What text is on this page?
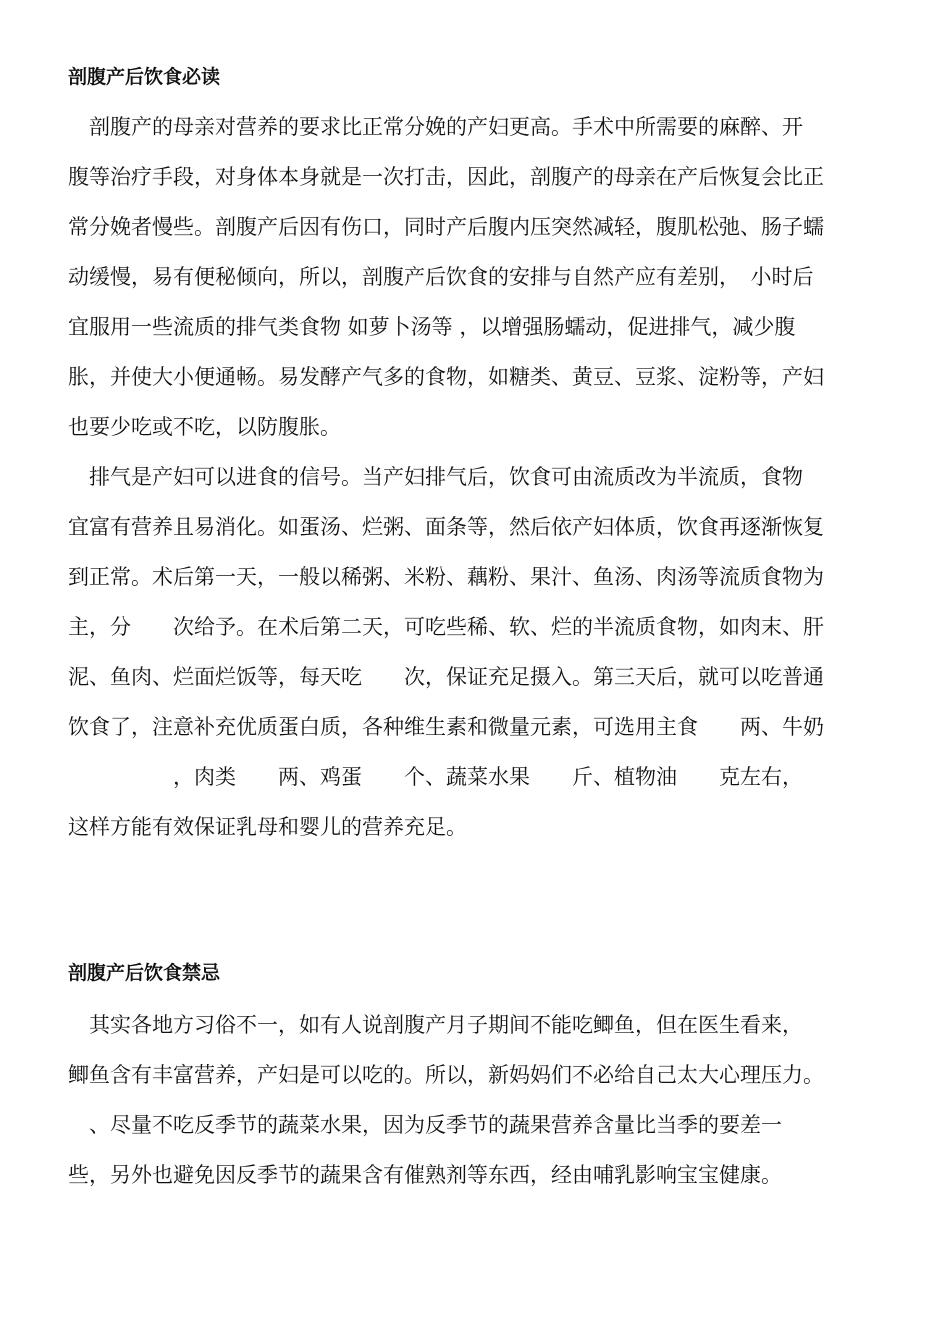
剖腹产后饮食必读

　剖腹产的母亲对营养的要求比正常分娩的产妇更高。手术中所需要的麻醉、开

腹等治疗手段，对身体本身就是一次打击，因此，剖腹产的母亲在产后恢复会比正

常分娩者慢些。剖腹产后因有伤口，同时产后腹内压突然减轻，腹肌松弛、肠子蠕

动缓慢，易有便秘倾向，所以，剖腹产后饮食的安排与自然产应有差别，　小时后

宜服用一些流质的排气类食物 如萝卜汤等 ，以增强肠蠕动，促进排气，减少腹

胀，并使大小便通畅。易发酵产气多的食物，如糖类、黄豆、豆浆、淀粉等，产妇

也要少吃或不吃，以防腹胀。

　排气是产妇可以进食的信号。当产妇排气后，饮食可由流质改为半流质，食物

宜富有营养且易消化。如蛋汤、烂粥、面条等，然后依产妇体质，饮食再逐渐恢复

到正常。术后第一天，一般以稀粥、米粉、藕粉、果汁、鱼汤、肉汤等流质食物为

主，分　　次给予。在术后第二天，可吃些稀、软、烂的半流质食物，如肉末、肝

泥、鱼肉、烂面烂饭等，每天吃　　次，保证充足摄入。第三天后，就可以吃普通

饮食了，注意补充优质蛋白质，各种维生素和微量元素，可选用主食　　两、牛奶

　　　　　，肉类　　两、鸡蛋　　个、蔬菜水果　　斤、植物油　　克左右，

这样方能有效保证乳母和婴儿的营养充足。

剖腹产后饮食禁忌

　其实各地方习俗不一，如有人说剖腹产月子期间不能吃鲫鱼，但在医生看来，

鲫鱼含有丰富营养，产妇是可以吃的。所以，新妈妈们不必给自己太大心理压力。

　、尽量不吃反季节的蔬菜水果，因为反季节的蔬果营养含量比当季的要差一

些，另外也避免因反季节的蔬果含有催熟剂等东西，经由哺乳影响宝宝健康。
